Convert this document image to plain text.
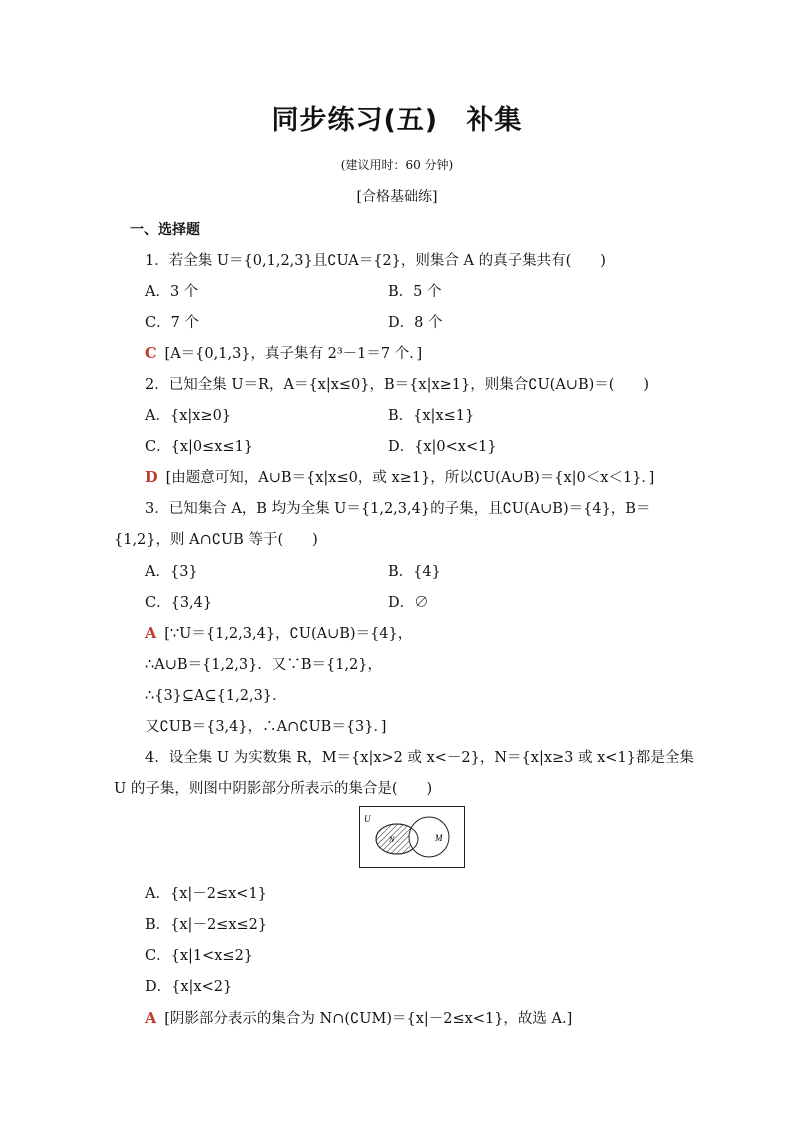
同步练习(五) 补集
(建议用时：60 分钟)
[合格基础练]
一、选择题
1．若全集 U＝{0,1,2,3}且∁UA＝{2}，则集合 A 的真子集共有(　　)
A．3 个	B．5 个
C．7 个	D．8 个
C [A＝{0,1,3}，真子集有 2³－1＝7 个．]
2．已知全集 U＝R，A＝{x|x≤0}，B＝{x|x≥1}，则集合∁U(A∪B)＝(　　)
A．{x|x≥0}	B．{x|x≤1}
C．{x|0≤x≤1}	D．{x|0<x<1}
D [由题意可知，A∪B＝{x|x≤0，或 x≥1}，所以∁U(A∪B)＝{x|0＜x＜1}．]
3．已知集合 A，B 均为全集 U＝{1,2,3,4}的子集，且∁U(A∪B)＝{4}，B＝
{1,2}，则 A∩∁UB 等于(　　)
A．{3}	B．{4}
C．{3,4}	D．∅
A [∵U＝{1,2,3,4}，∁U(A∪B)＝{4}，
∴A∪B＝{1,2,3}．又∵B＝{1,2}，
∴{3}⊆A⊆{1,2,3}．
又∁UB＝{3,4}，∴A∩∁UB＝{3}．]
4．设全集 U 为实数集 R，M＝{x|x>2 或 x<－2}，N＝{x|x≥3 或 x<1}都是全集
U 的子集，则图中阴影部分所表示的集合是(　　)
U
N	M
A．{x|－2≤x<1}
B．{x|－2≤x≤2}
C．{x|1<x≤2}
D．{x|x<2}
A [阴影部分表示的集合为 N∩(∁UM)＝{x|－2≤x<1}，故选 A.]
